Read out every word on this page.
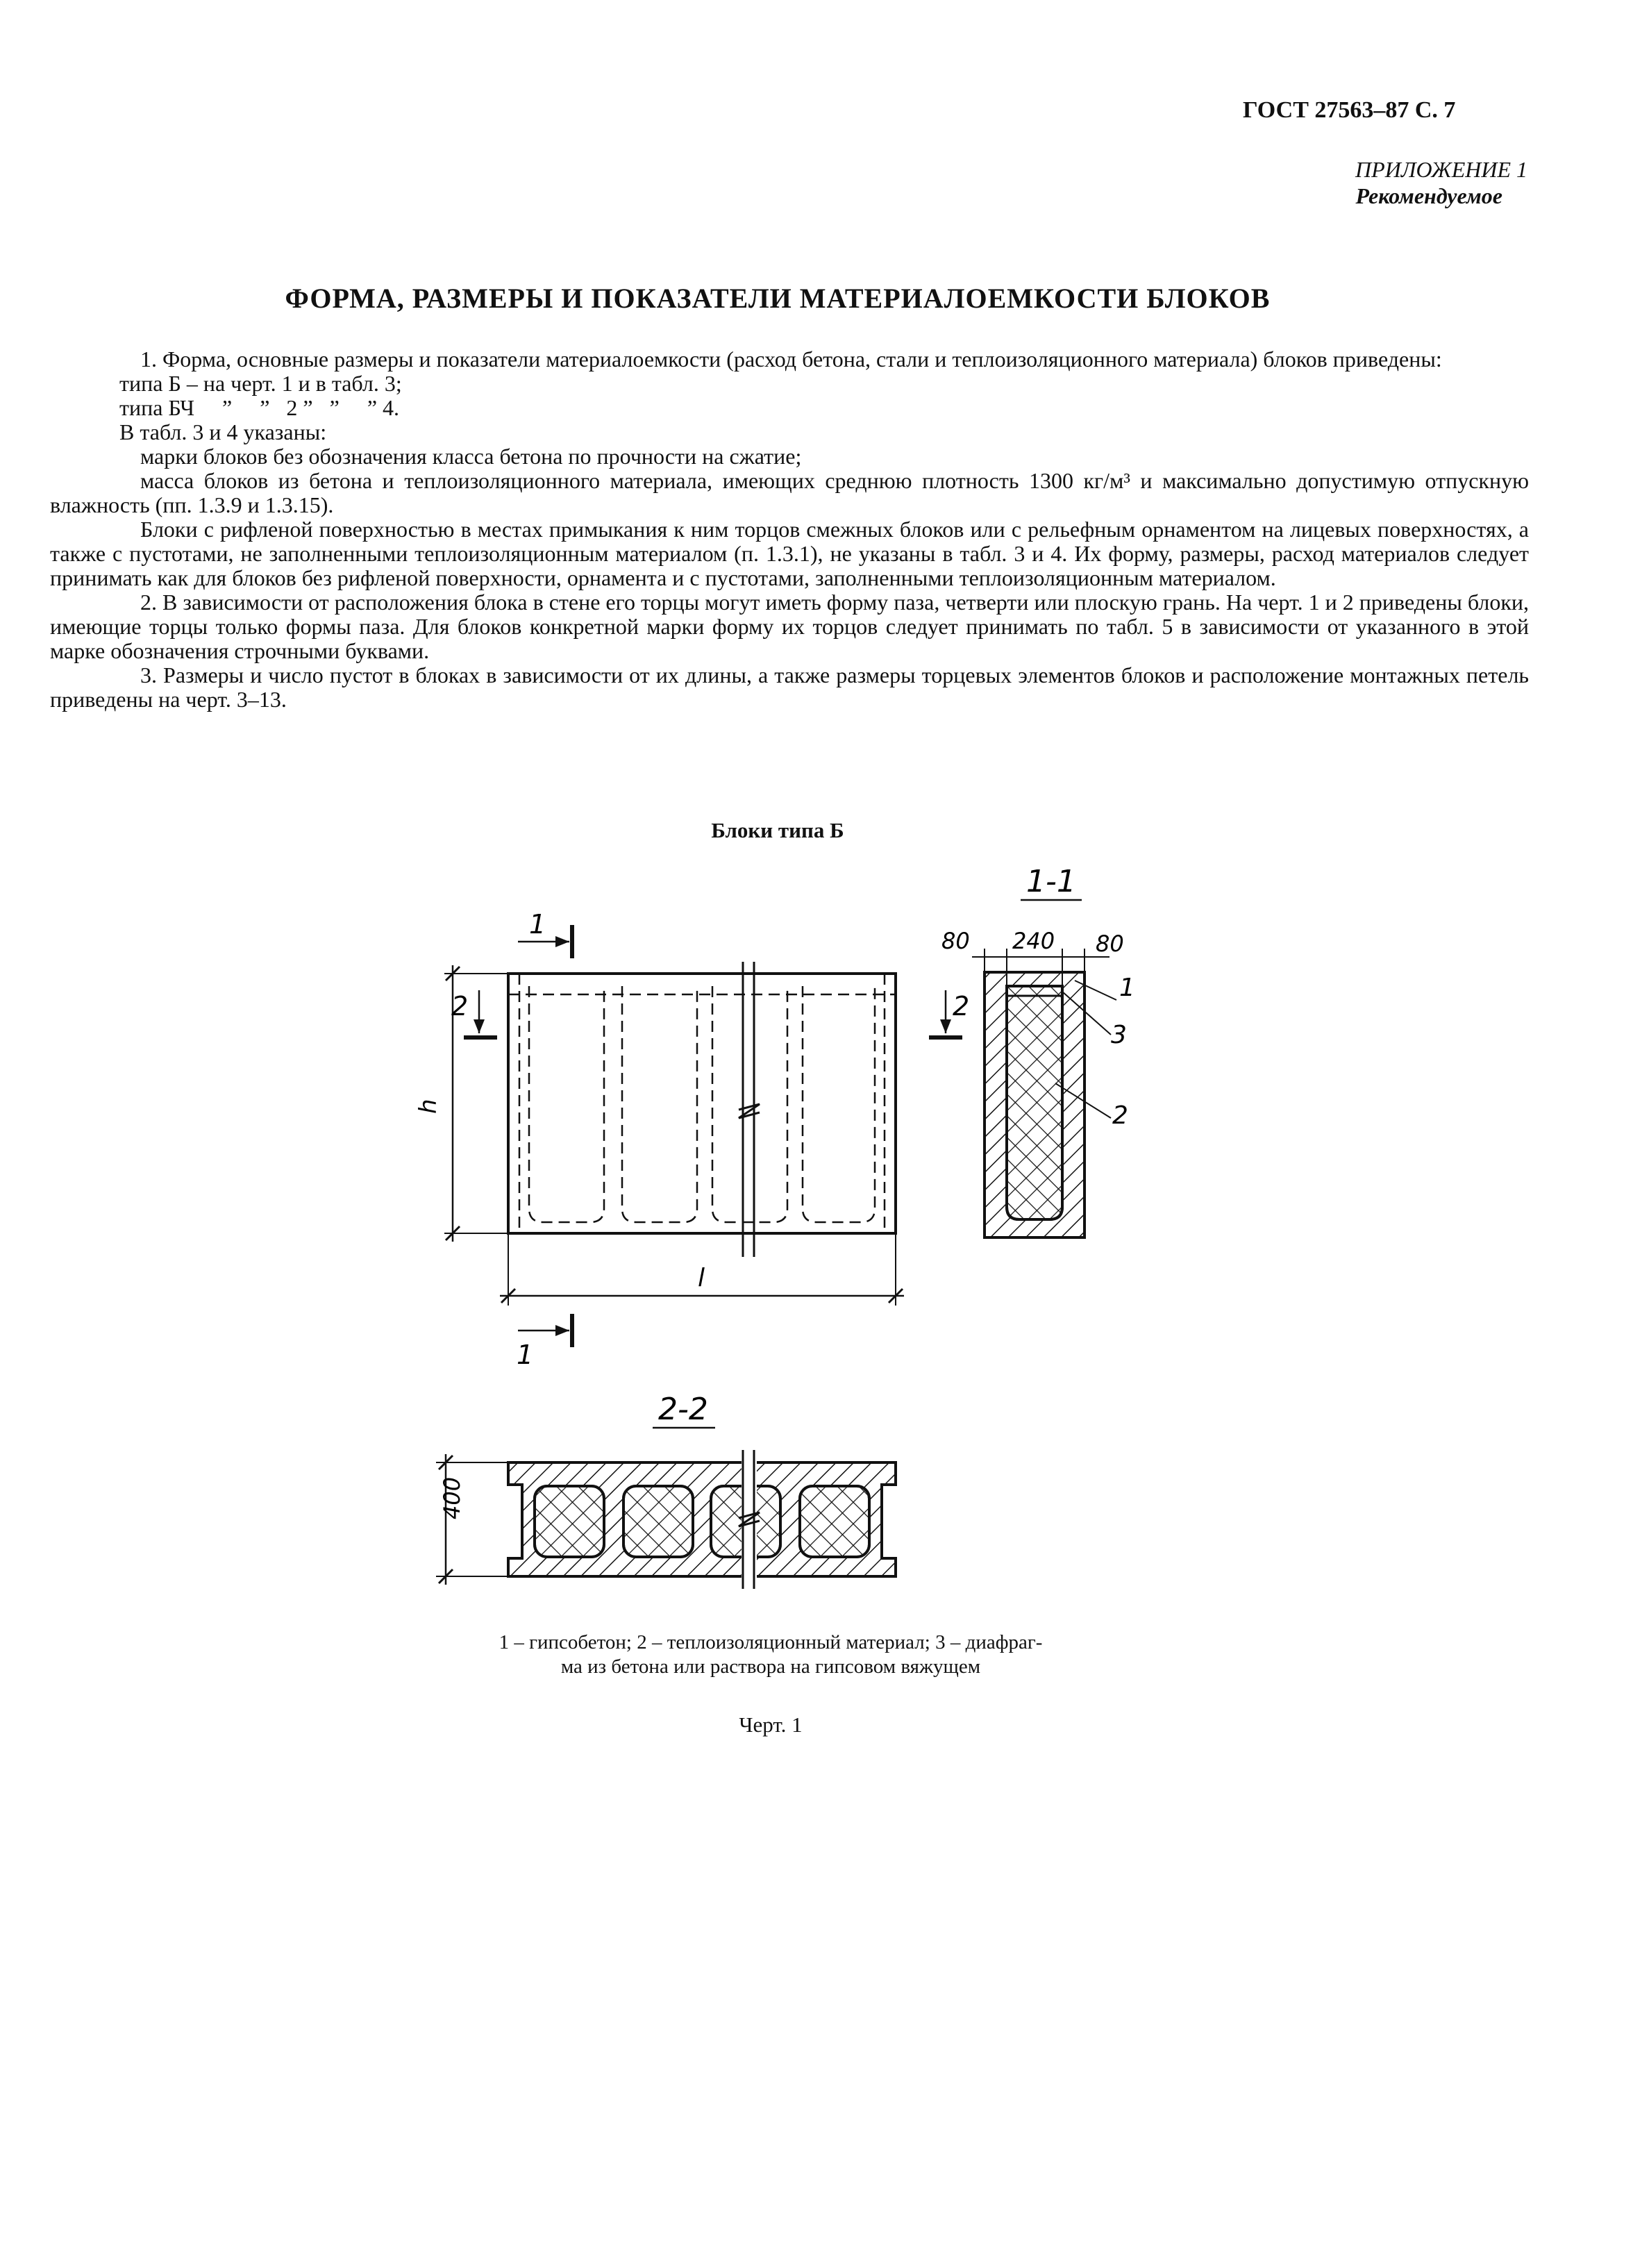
ГОСТ 27563–87 С. 7
ПРИЛОЖЕНИЕ 1
Рекомендуемое
ФОРМА, РАЗМЕРЫ И ПОКАЗАТЕЛИ МАТЕРИАЛОЕМКОСТИ БЛОКОВ

1. Форма, основные размеры и показатели материалоемкости (расход бетона, стали и теплоизоляционного материала) блоков приведены:

типа Б – на черт. 1 и в табл. 3;

типа БЧ     ”     ”   2 ”   ”     ” 4.

В табл. 3 и 4 указаны:

марки блоков без обозначения класса бетона по прочности на сжатие;

масса блоков из бетона и теплоизоляционного материала, имеющих среднюю плотность 1300 кг/м³ и максимально допустимую отпускную влажность (пп. 1.3.9 и 1.3.15).

Блоки с рифленой поверхностью в местах примыкания к ним торцов смежных блоков или с рельефным орнаментом на лицевых поверхностях, а также с пустотами, не заполненными теплоизоляционным материалом (п. 1.3.1), не указаны в табл. 3 и 4. Их форму, размеры, расход материалов следует принимать как для блоков без рифленой поверхности, орнамента и с пустотами, заполненными теплоизоляционным материалом.

2. В зависимости от расположения блока в стене его торцы могут иметь форму паза, четверти или плоскую грань. На черт. 1 и 2 приведены блоки, имеющие торцы только формы паза. Для блоков конкретной марки форму их торцов следует принимать по табл. 5 в зависимости от указанного в этой марке обозначения строчными буквами.

3. Размеры и число пустот в блоках в зависимости от их длины, а также размеры торцевых элементов блоков и расположение монтажных петель приведены на черт. 3–13.

Блоки типа Б
h
l
1
1
2	2
1-1
80 240 80
1
3
2
2-2
400
1 – гипсобетон; 2 – теплоизоляционный материал; 3 – диафраг-
ма из бетона или раствора на гипсовом вяжущем
Черт. 1
